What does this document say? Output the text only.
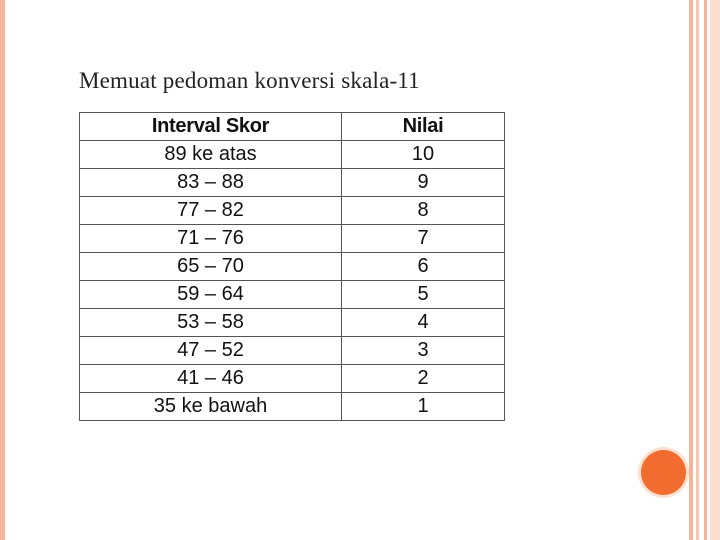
Memuat pedoman konversi skala-11
Interval Skor	Nilai
89 ke atas	10
83 – 88	9
77 – 82	8
71 – 76	7
65 – 70	6
59 – 64	5
53 – 58	4
47 – 52	3
41 – 46	2
35 ke bawah	1
